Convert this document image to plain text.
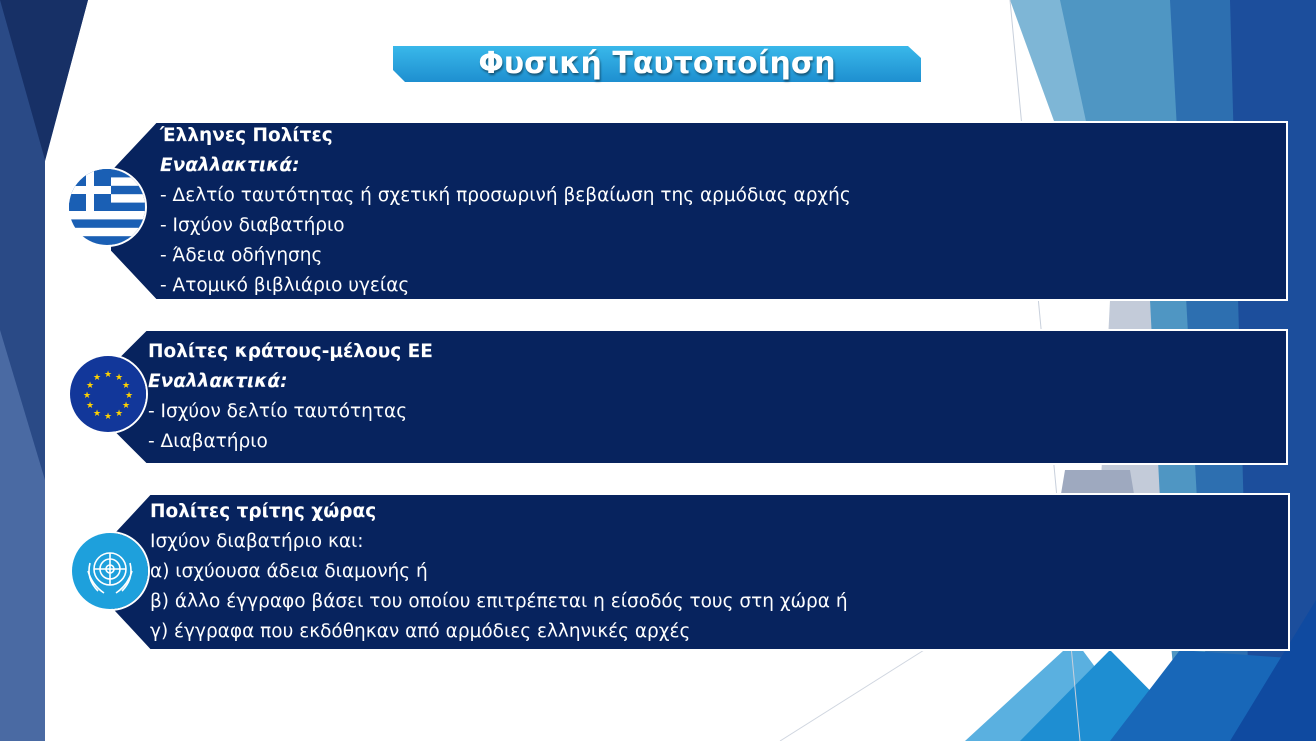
Φυσική Ταυτοποίηση
Έλληνες Πολίτες
Εναλλακτικά:
- Δελτίο ταυτότητας ή σχετική προσωρινή βεβαίωση της αρμόδιας αρχής
- Ισχύον διαβατήριο
- Άδεια οδήγησης
- Ατομικό βιβλιάριο υγείας
Πολίτες κράτους-μέλους ΕΕ
Εναλλακτικά:
- Ισχύον δελτίο ταυτότητας
- Διαβατήριο
★ ★
★
★
★
★
★
★
★
★
★
★
Πολίτες τρίτης χώρας
Ισχύον διαβατήριο και:
α) ισχύουσα άδεια διαμονής ή
β) άλλο έγγραφο βάσει του οποίου επιτρέπεται η είσοδός τους στη χώρα ή
γ) έγγραφα που εκδόθηκαν από αρμόδιες ελληνικές αρχές
